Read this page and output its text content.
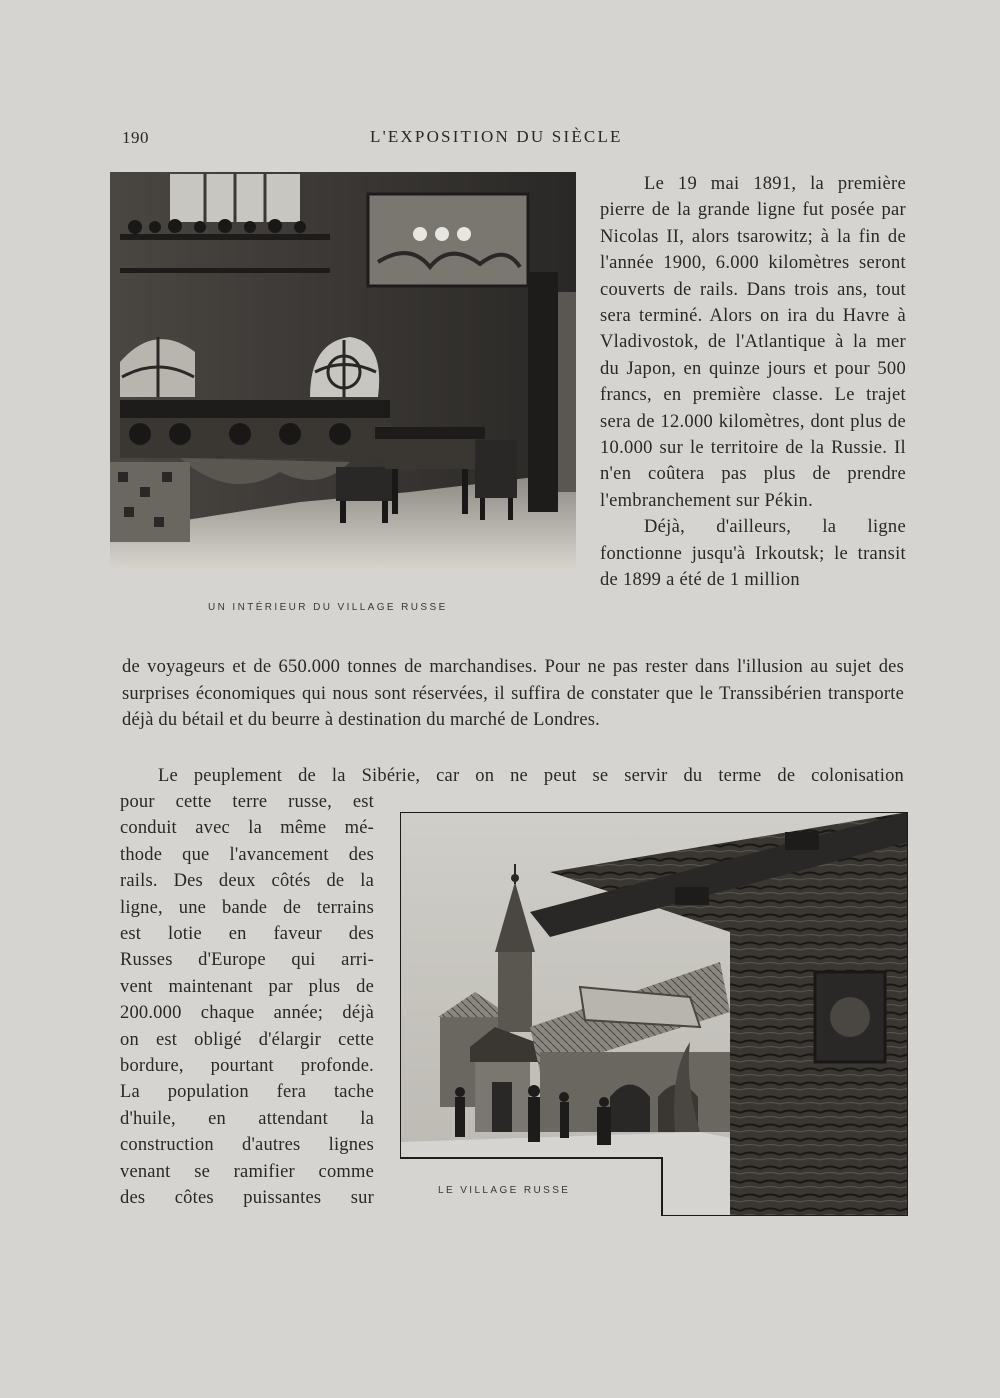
190	L'EXPOSITION DU SIÈCLE
UN INTÉRIEUR DU VILLAGE RUSSE

Le 19 mai 1891, la première pierre de la grande ligne fut posée par Nicolas II, alors tsarowitz; à la fin de l'année 1900, 6.000 kilomètres seront couverts de rails. Dans trois ans, tout sera terminé. Alors on ira du Havre à Vladivostok, de l'Atlantique à la mer du Japon, en quinze jours et pour 500 francs, en première classe. Le trajet sera de 12.000 kilomètres, dont plus de 10.000 sur le territoire de la Russie. Il n'en coûtera pas plus de prendre l'embranchement sur Pékin.

Déjà, d'ailleurs, la ligne fonctionne jusqu'à Irkoutsk; le transit de 1899 a été de 1 million

de voyageurs et de 650.000 tonnes de marchandises. Pour ne pas rester dans l'illusion au sujet des surprises économiques qui nous sont réservées, il suffira de constater que le Transsibérien transporte déjà du bétail et du beurre à destination du marché de Londres.

Le peuplement de la Sibérie, car on ne peut se servir du terme de colonisation
pour cette terre russe, est
conduit avec la même mé-
thode que l'avancement des
rails. Des deux côtés de la
ligne, une bande de terrains
est lotie en faveur des
Russes d'Europe qui arri-
vent maintenant par plus de
200.000 chaque année; déjà
on est obligé d'élargir cette
bordure, pourtant profonde.
La population fera tache
d'huile, en attendant la
construction d'autres lignes
venant se ramifier comme
des côtes puissantes sur	LE VILLAGE RUSSE
